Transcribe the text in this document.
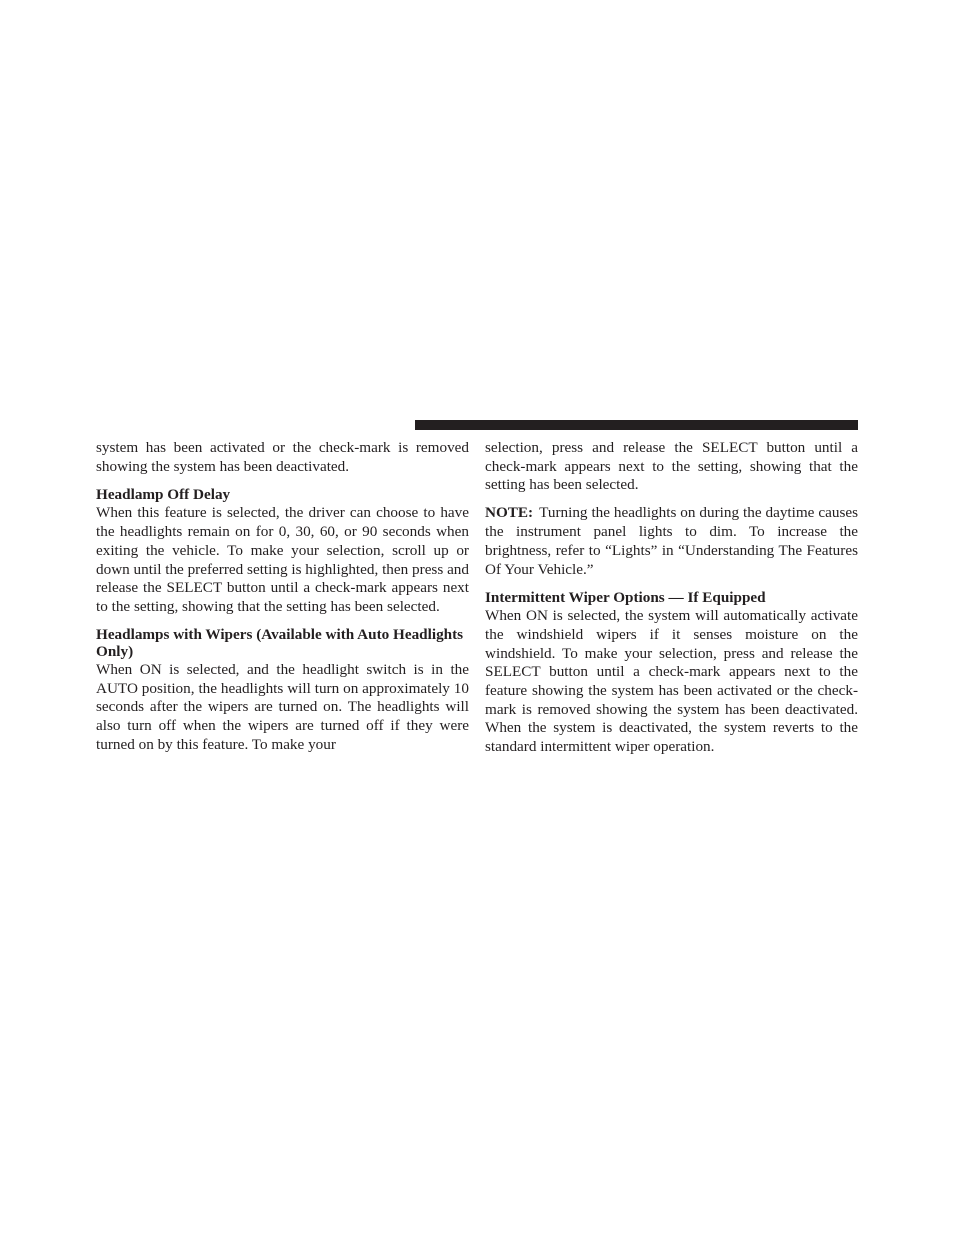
system has been activated or the check-mark is removed showing the system has been deactivated.

Headlamp Off Delay

When this feature is selected, the driver can choose to have the headlights remain on for 0, 30, 60, or 90 seconds when exiting the vehicle. To make your selection, scroll up or down until the preferred setting is highlighted, then press and release the SELECT button until a check-mark appears next to the setting, showing that the setting has been selected.

Headlamps with Wipers (Available with Auto Headlights Only)

When ON is selected, and the headlight switch is in the AUTO position, the headlights will turn on approximately 10 seconds after the wipers are turned on. The headlights will also turn off when the wipers are turned off if they were turned on by this feature. To make your

selection, press and release the SELECT button until a check-mark appears next to the setting, showing that the setting has been selected.

NOTE: Turning the headlights on during the daytime causes the instrument panel lights to dim. To increase the brightness, refer to “Lights” in “Understanding The Features Of Your Vehicle.”

Intermittent Wiper Options — If Equipped

When ON is selected, the system will automatically activate the windshield wipers if it senses moisture on the windshield. To make your selection, press and release the SELECT button until a check-mark appears next to the feature showing the system has been activated or the check-mark is removed showing the system has been deactivated. When the system is deactivated, the system reverts to the standard intermittent wiper operation.
